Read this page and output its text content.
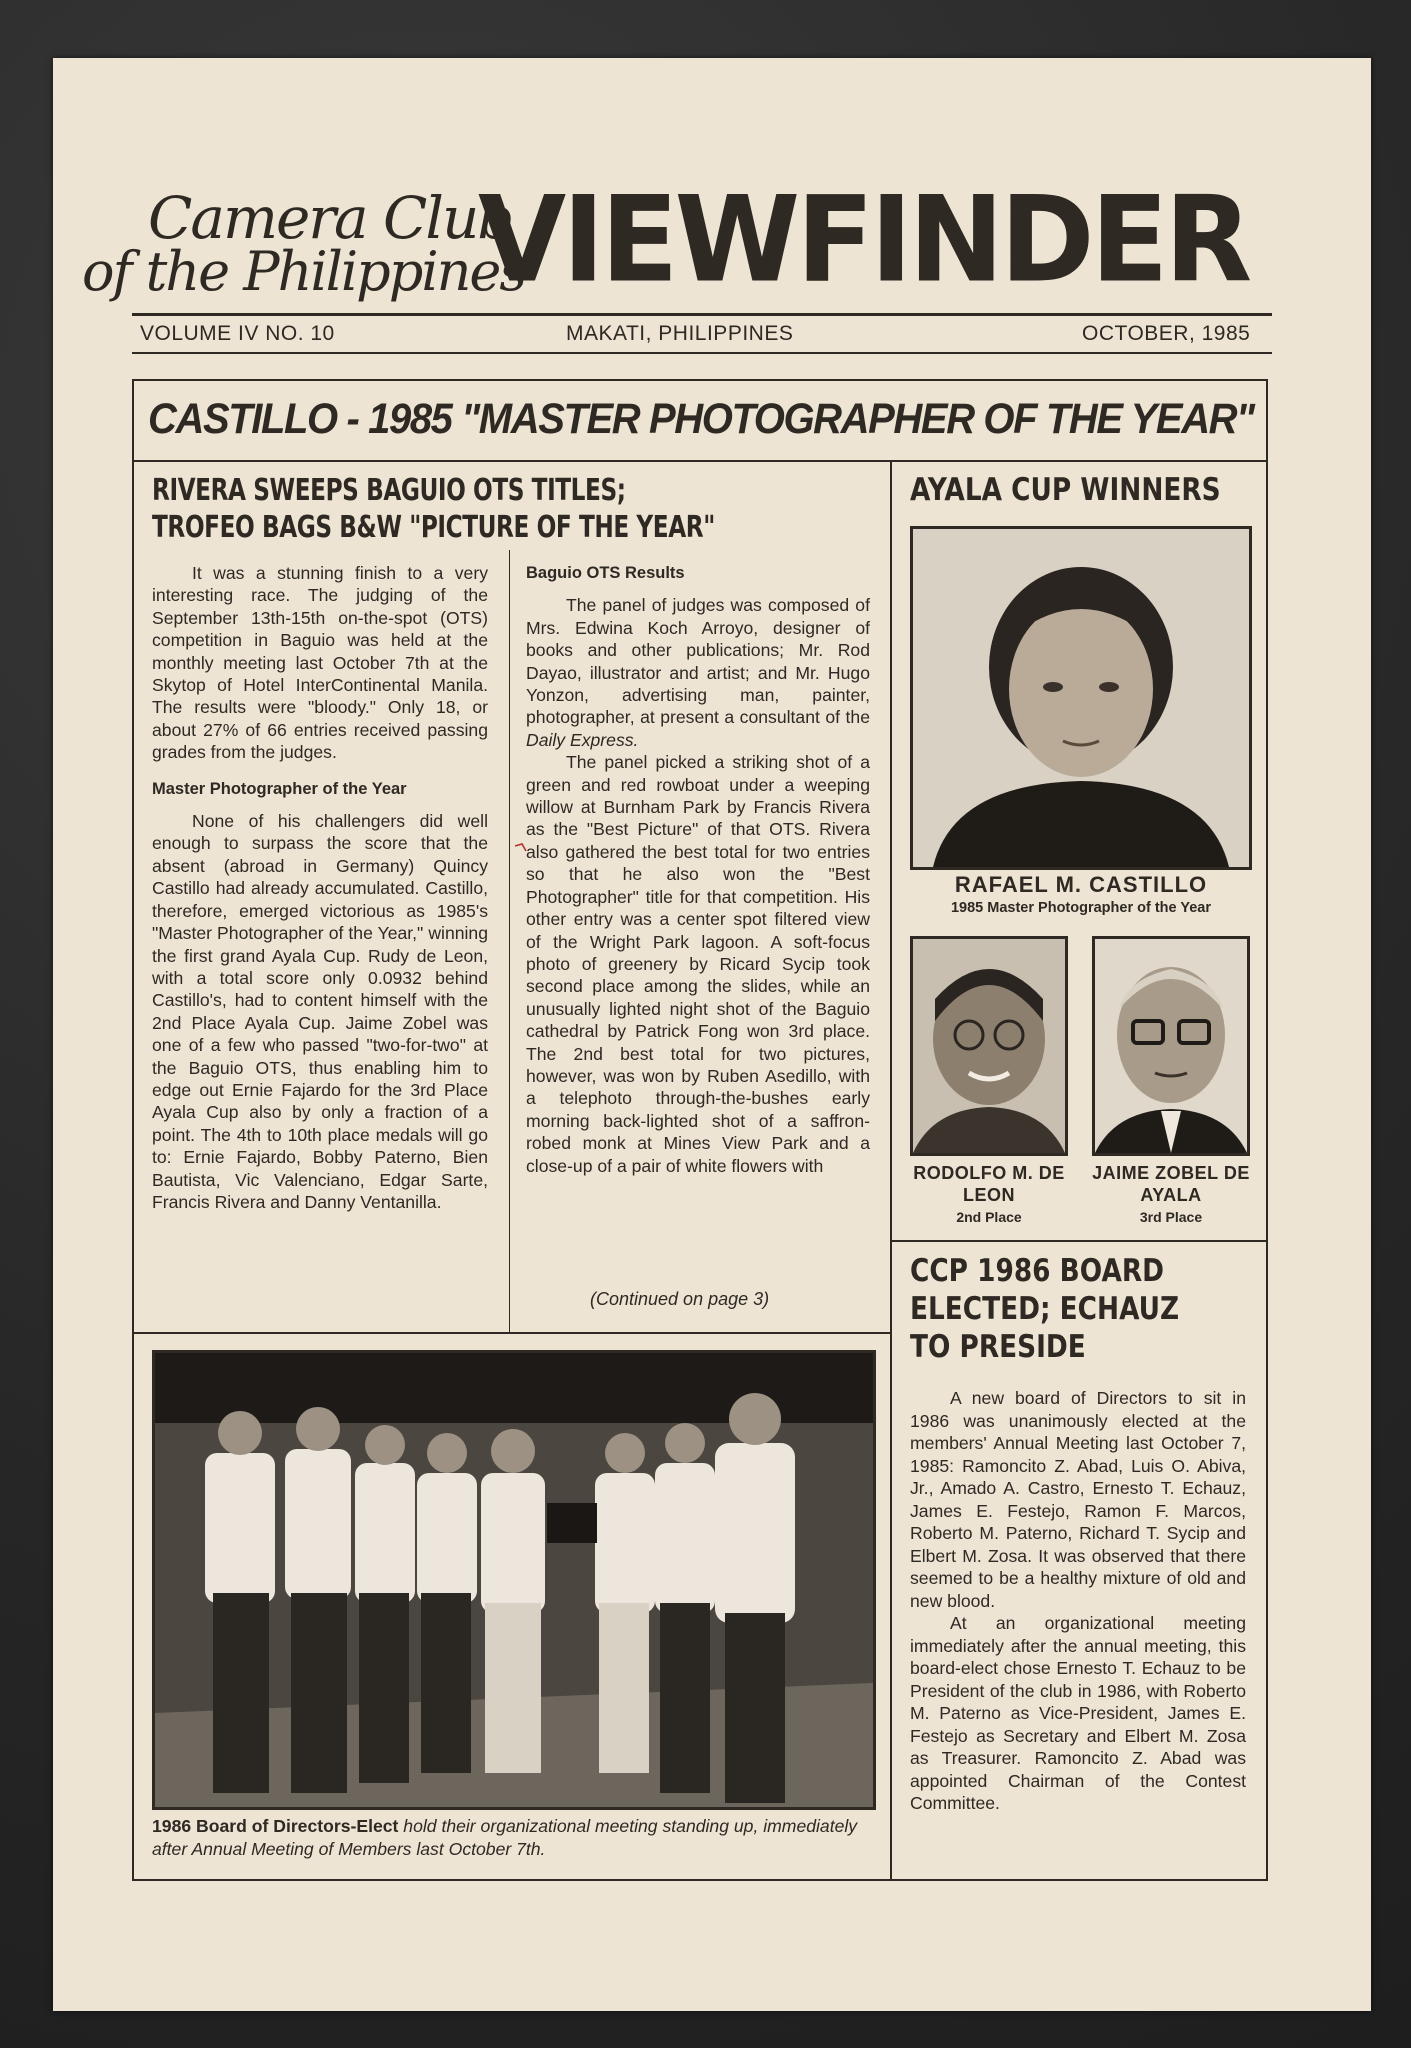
Camera Club
of the Philippines
VIEWFINDER
VOLUME IV NO. 10	MAKATI, PHILIPPINES	OCTOBER, 1985
CASTILLO - 1985 "MASTER PHOTOGRAPHER OF THE YEAR"
RIVERA SWEEPS BAGUIO OTS TITLES;
TROFEO BAGS B&W "PICTURE OF THE YEAR"

It was a stunning finish to a very interesting race. The judging of the September 13th-15th on-the-spot (OTS) competition in Baguio was held at the monthly meeting last October 7th at the Skytop of Hotel InterContinental Manila. The results were "bloody." Only 18, or about 27% of 66 entries received passing grades from the judges.

Master Photographer of the Year

None of his challengers did well enough to surpass the score that the absent (abroad in Germany) Quincy Castillo had already accumulated. Castillo, therefore, emerged victorious as 1985's "Master Photographer of the Year," winning the first grand Ayala Cup. Rudy de Leon, with a total score only 0.0932 behind Castillo's, had to content himself with the 2nd Place Ayala Cup. Jaime Zobel was one of a few who passed "two-for-two" at the Baguio OTS, thus enabling him to edge out Ernie Fajardo for the 3rd Place Ayala Cup also by only a fraction of a point. The 4th to 10th place medals will go to: Ernie Fajardo, Bobby Paterno, Bien Bautista, Vic Valenciano, Edgar Sarte, Francis Rivera and Danny Ventanilla.

Baguio OTS Results

The panel of judges was composed of Mrs. Edwina Koch Arroyo, designer of books and other publications; Mr. Rod Dayao, illustrator and artist; and Mr. Hugo Yonzon, advertising man, painter, photographer, at present a consultant of the Daily Express.

The panel picked a striking shot of a green and red rowboat under a weeping willow at Burnham Park by Francis Rivera as the "Best Picture" of that OTS. Rivera also gathered the best total for two entries so that he also won the "Best Photographer" title for that competition. His other entry was a center spot filtered view of the Wright Park lagoon. A soft-focus photo of greenery by Ricard Sycip took second place among the slides, while an unusually lighted night shot of the Baguio cathedral by Patrick Fong won 3rd place. The 2nd best total for two pictures, however, was won by Ruben Asedillo, with a telephoto through-the-bushes early morning back-lighted shot of a saffron-robed monk at Mines View Park and a close-up of a pair of white flowers with

(Continued on page 3)
AYALA CUP WINNERS
RAFAEL M. CASTILLO
1985 Master Photographer of the Year
RODOLFO M. DE LEON
2nd Place
JAIME ZOBEL DE AYALA
3rd Place
CCP 1986 BOARD ELECTED; ECHAUZ TO PRESIDE

A new board of Directors to sit in 1986 was unanimously elected at the members' Annual Meeting last October 7, 1985: Ramoncito Z. Abad, Luis O. Abiva, Jr., Amado A. Castro, Ernesto T. Echauz, James E. Festejo, Ramon F. Marcos, Roberto M. Paterno, Richard T. Sycip and Elbert M. Zosa. It was observed that there seemed to be a healthy mixture of old and new blood.

At an organizational meeting immediately after the annual meeting, this board-elect chose Ernesto T. Echauz to be President of the club in 1986, with Roberto M. Paterno as Vice-President, James E. Festejo as Secretary and Elbert M. Zosa as Treasurer. Ramoncito Z. Abad was appointed Chairman of the Contest Committee.

1986 Board of Directors-Elect hold their organizational meeting standing up, immediately after Annual Meeting of Members last October 7th.
